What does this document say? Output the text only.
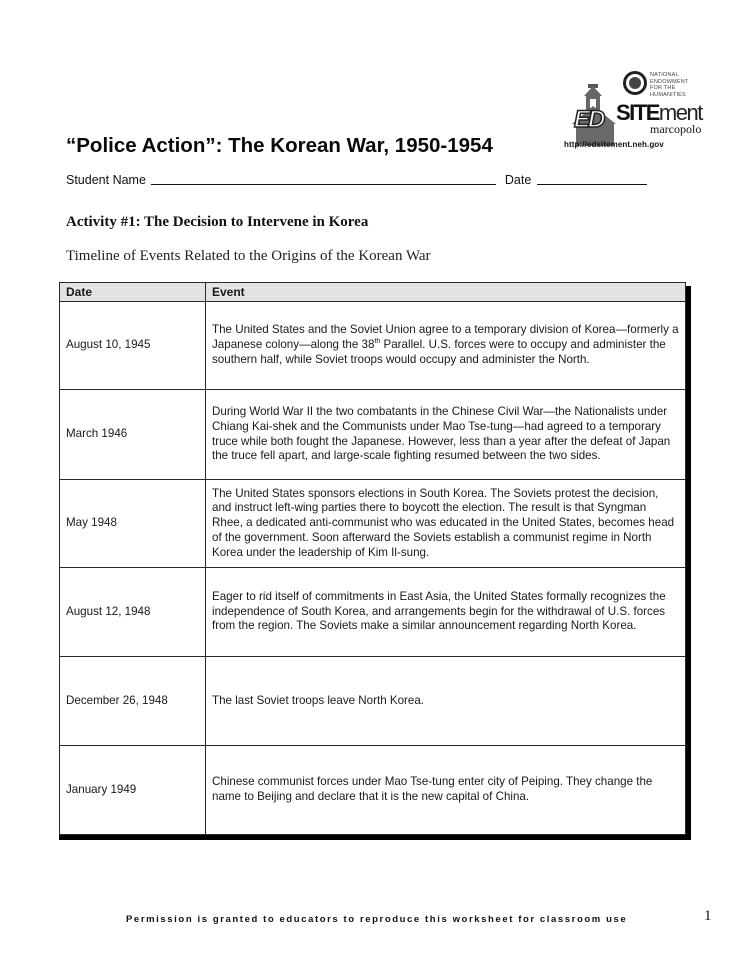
NATIONAL
ENDOWMENT
FOR THE
HUMANITIES
ED SITEment
marcopolo
http://edsitement.neh.gov
“Police Action”: The Korean War, 1950-1954
Student Name	Date
Activity #1: The Decision to Intervene in Korea
Timeline of Events Related to the Origins of the Korean War
Date	Event
August 10, 1945	The United States and the Soviet Union agree to a temporary division of Korea—formerly a Japanese colony—along the 38th Parallel. U.S. forces were to occupy and administer the southern half, while Soviet troops would occupy and administer the North.
March 1946	During World War II the two combatants in the Chinese Civil War—the Nationalists under Chiang Kai-shek and the Communists under Mao Tse-tung—had agreed to a temporary truce while both fought the Japanese. However, less than a year after the defeat of Japan the truce fell apart, and large-scale fighting resumed between the two sides.
May 1948	The United States sponsors elections in South Korea. The Soviets protest the decision, and instruct left-wing parties there to boycott the election. The result is that Syngman Rhee, a dedicated anti-communist who was educated in the United States, becomes head of the government. Soon afterward the Soviets establish a communist regime in North Korea under the leadership of Kim Il-sung.
August 12, 1948	Eager to rid itself of commitments in East Asia, the United States formally recognizes the independence of South Korea, and arrangements begin for the withdrawal of U.S. forces from the region. The Soviets make a similar announcement regarding North Korea.
December 26, 1948	The last Soviet troops leave North Korea.
January 1949	Chinese communist forces under Mao Tse-tung enter city of Peiping. They change the name to Beijing and declare that it is the new capital of China.
Permission is granted to educators to reproduce this worksheet for classroom use	1
